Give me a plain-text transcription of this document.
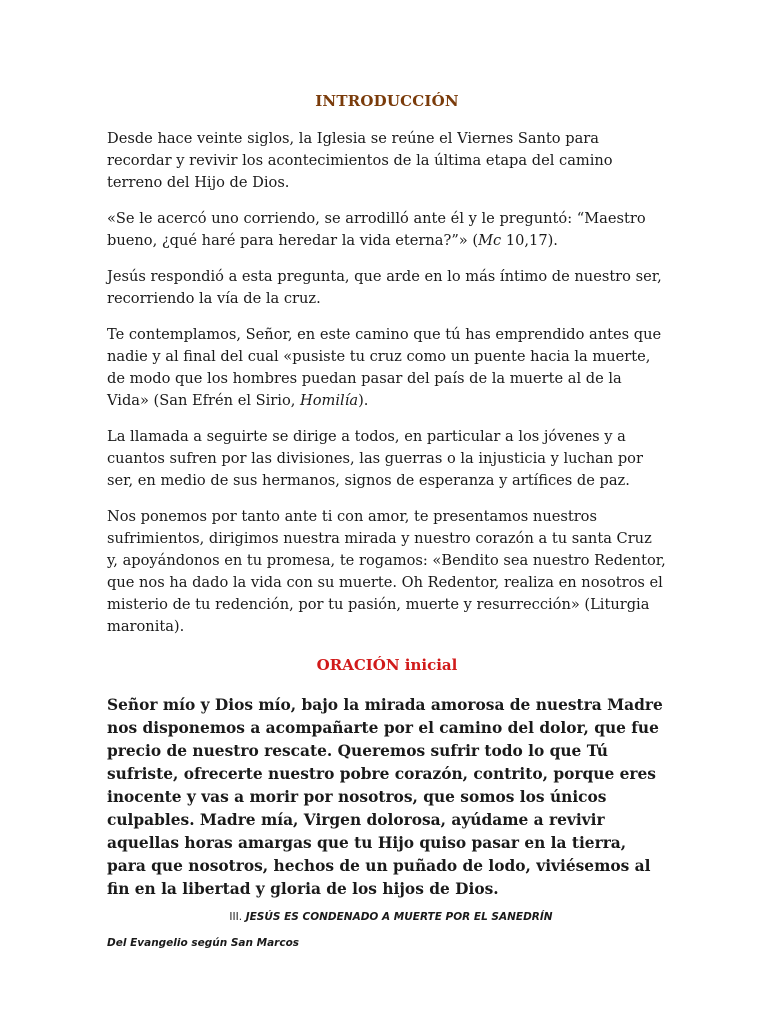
INTRODUCCIÓN

Desde hace veinte siglos, la Iglesia se reúne el Viernes Santo para recordar y revivir los acontecimientos de la última etapa del camino terreno del Hijo de Dios.

«Se le acercó uno corriendo, se arrodilló ante él y le preguntó: “Maestro bueno, ¿qué haré para heredar la vida eterna?”» (Mc 10,17).

Jesús respondió a esta pregunta, que arde en lo más íntimo de nuestro ser, recorriendo la vía de la cruz.

Te contemplamos, Señor, en este camino que tú has emprendido antes que nadie y al final del cual «pusiste tu cruz como un puente hacia la muerte, de modo que los hombres puedan pasar del país de la muerte al de la Vida» (San Efrén el Sirio, Homilía).

La llamada a seguirte se dirige a todos, en particular a los jóvenes y a cuantos sufren por las divisiones, las guerras o la injusticia y luchan por ser, en medio de sus hermanos, signos de esperanza y artífices de paz.

Nos ponemos por tanto ante ti con amor, te presentamos nuestros sufrimientos, dirigimos nuestra mirada y nuestro corazón a tu santa Cruz y, apoyándonos en tu promesa, te rogamos: «Bendito sea nuestro Redentor, que nos ha dado la vida con su muerte. Oh Redentor, realiza en nosotros el misterio de tu redención, por tu pasión, muerte y resurrección» (Liturgia maronita).

ORACIÓN inicial

Señor mío y Dios mío, bajo la mirada amorosa de nuestra Madre nos disponemos a acompañarte por el camino del dolor, que fue precio de nuestro rescate. Queremos sufrir todo lo que Tú sufriste, ofrecerte nuestro pobre corazón, contrito, porque eres inocente y vas a morir por nosotros, que somos los únicos culpables. Madre mía, Virgen dolorosa, ayúdame a revivir aquellas horas amargas que tu Hijo quiso pasar en la tierra, para que nosotros, hechos de un puñado de lodo, viviésemos al fin en la libertad y gloria de los hijos de Dios.

III. JESÚS ES CONDENADO A MUERTE POR EL SANEDRÍN
Del Evangelio según San Marcos
